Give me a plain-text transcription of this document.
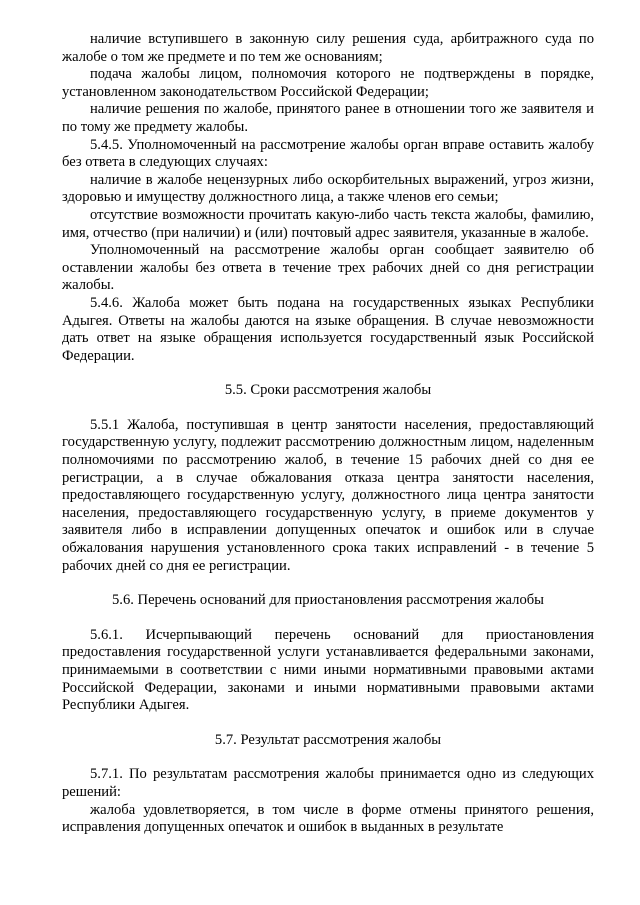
наличие вступившего в законную силу решения суда, арбитражного суда по жалобе о том же предмете и по тем же основаниям;

подача жалобы лицом, полномочия которого не подтверждены в порядке, установленном законодательством Российской Федерации;

наличие решения по жалобе, принятого ранее в отношении того же заявителя и по тому же предмету жалобы.

5.4.5. Уполномоченный на рассмотрение жалобы орган вправе оставить жалобу без ответа в следующих случаях:

наличие в жалобе нецензурных либо оскорбительных выражений, угроз жизни, здоровью и имуществу должностного лица, а также членов его семьи;

отсутствие возможности прочитать какую-либо часть текста жалобы, фамилию, имя, отчество (при наличии) и (или) почтовый адрес заявителя, указанные в жалобе.

Уполномоченный на рассмотрение жалобы орган сообщает заявителю об оставлении жалобы без ответа в течение трех рабочих дней со дня регистрации жалобы.

5.4.6. Жалоба может быть подана на государственных языках Республики Адыгея. Ответы на жалобы даются на языке обращения. В случае невозможности дать ответ на языке обращения используется государственный язык Российской Федерации.

5.5. Сроки рассмотрения жалобы

5.5.1 Жалоба, поступившая в центр занятости населения, предоставляющий государственную услугу, подлежит рассмотрению должностным лицом, наделенным полномочиями по рассмотрению жалоб, в течение 15 рабочих дней со дня ее регистрации, а в случае обжалования отказа центра занятости населения, предоставляющего государственную услугу, должностного лица центра занятости населения, предоставляющего государственную услугу, в приеме документов у заявителя либо в исправлении допущенных опечаток и ошибок или в случае обжалования нарушения установленного срока таких исправлений - в течение 5 рабочих дней со дня ее регистрации.

5.6. Перечень оснований для приостановления рассмотрения жалобы

5.6.1. Исчерпывающий перечень оснований для приостановления предоставления государственной услуги устанавливается федеральными законами, принимаемыми в соответствии с ними иными нормативными правовыми актами Российской Федерации, законами и иными нормативными правовыми актами Республики Адыгея.

5.7. Результат рассмотрения жалобы

5.7.1. По результатам рассмотрения жалобы принимается одно из следующих решений:

жалоба удовлетворяется, в том числе в форме отмены принятого решения, исправления допущенных опечаток и ошибок в выданных в результате
